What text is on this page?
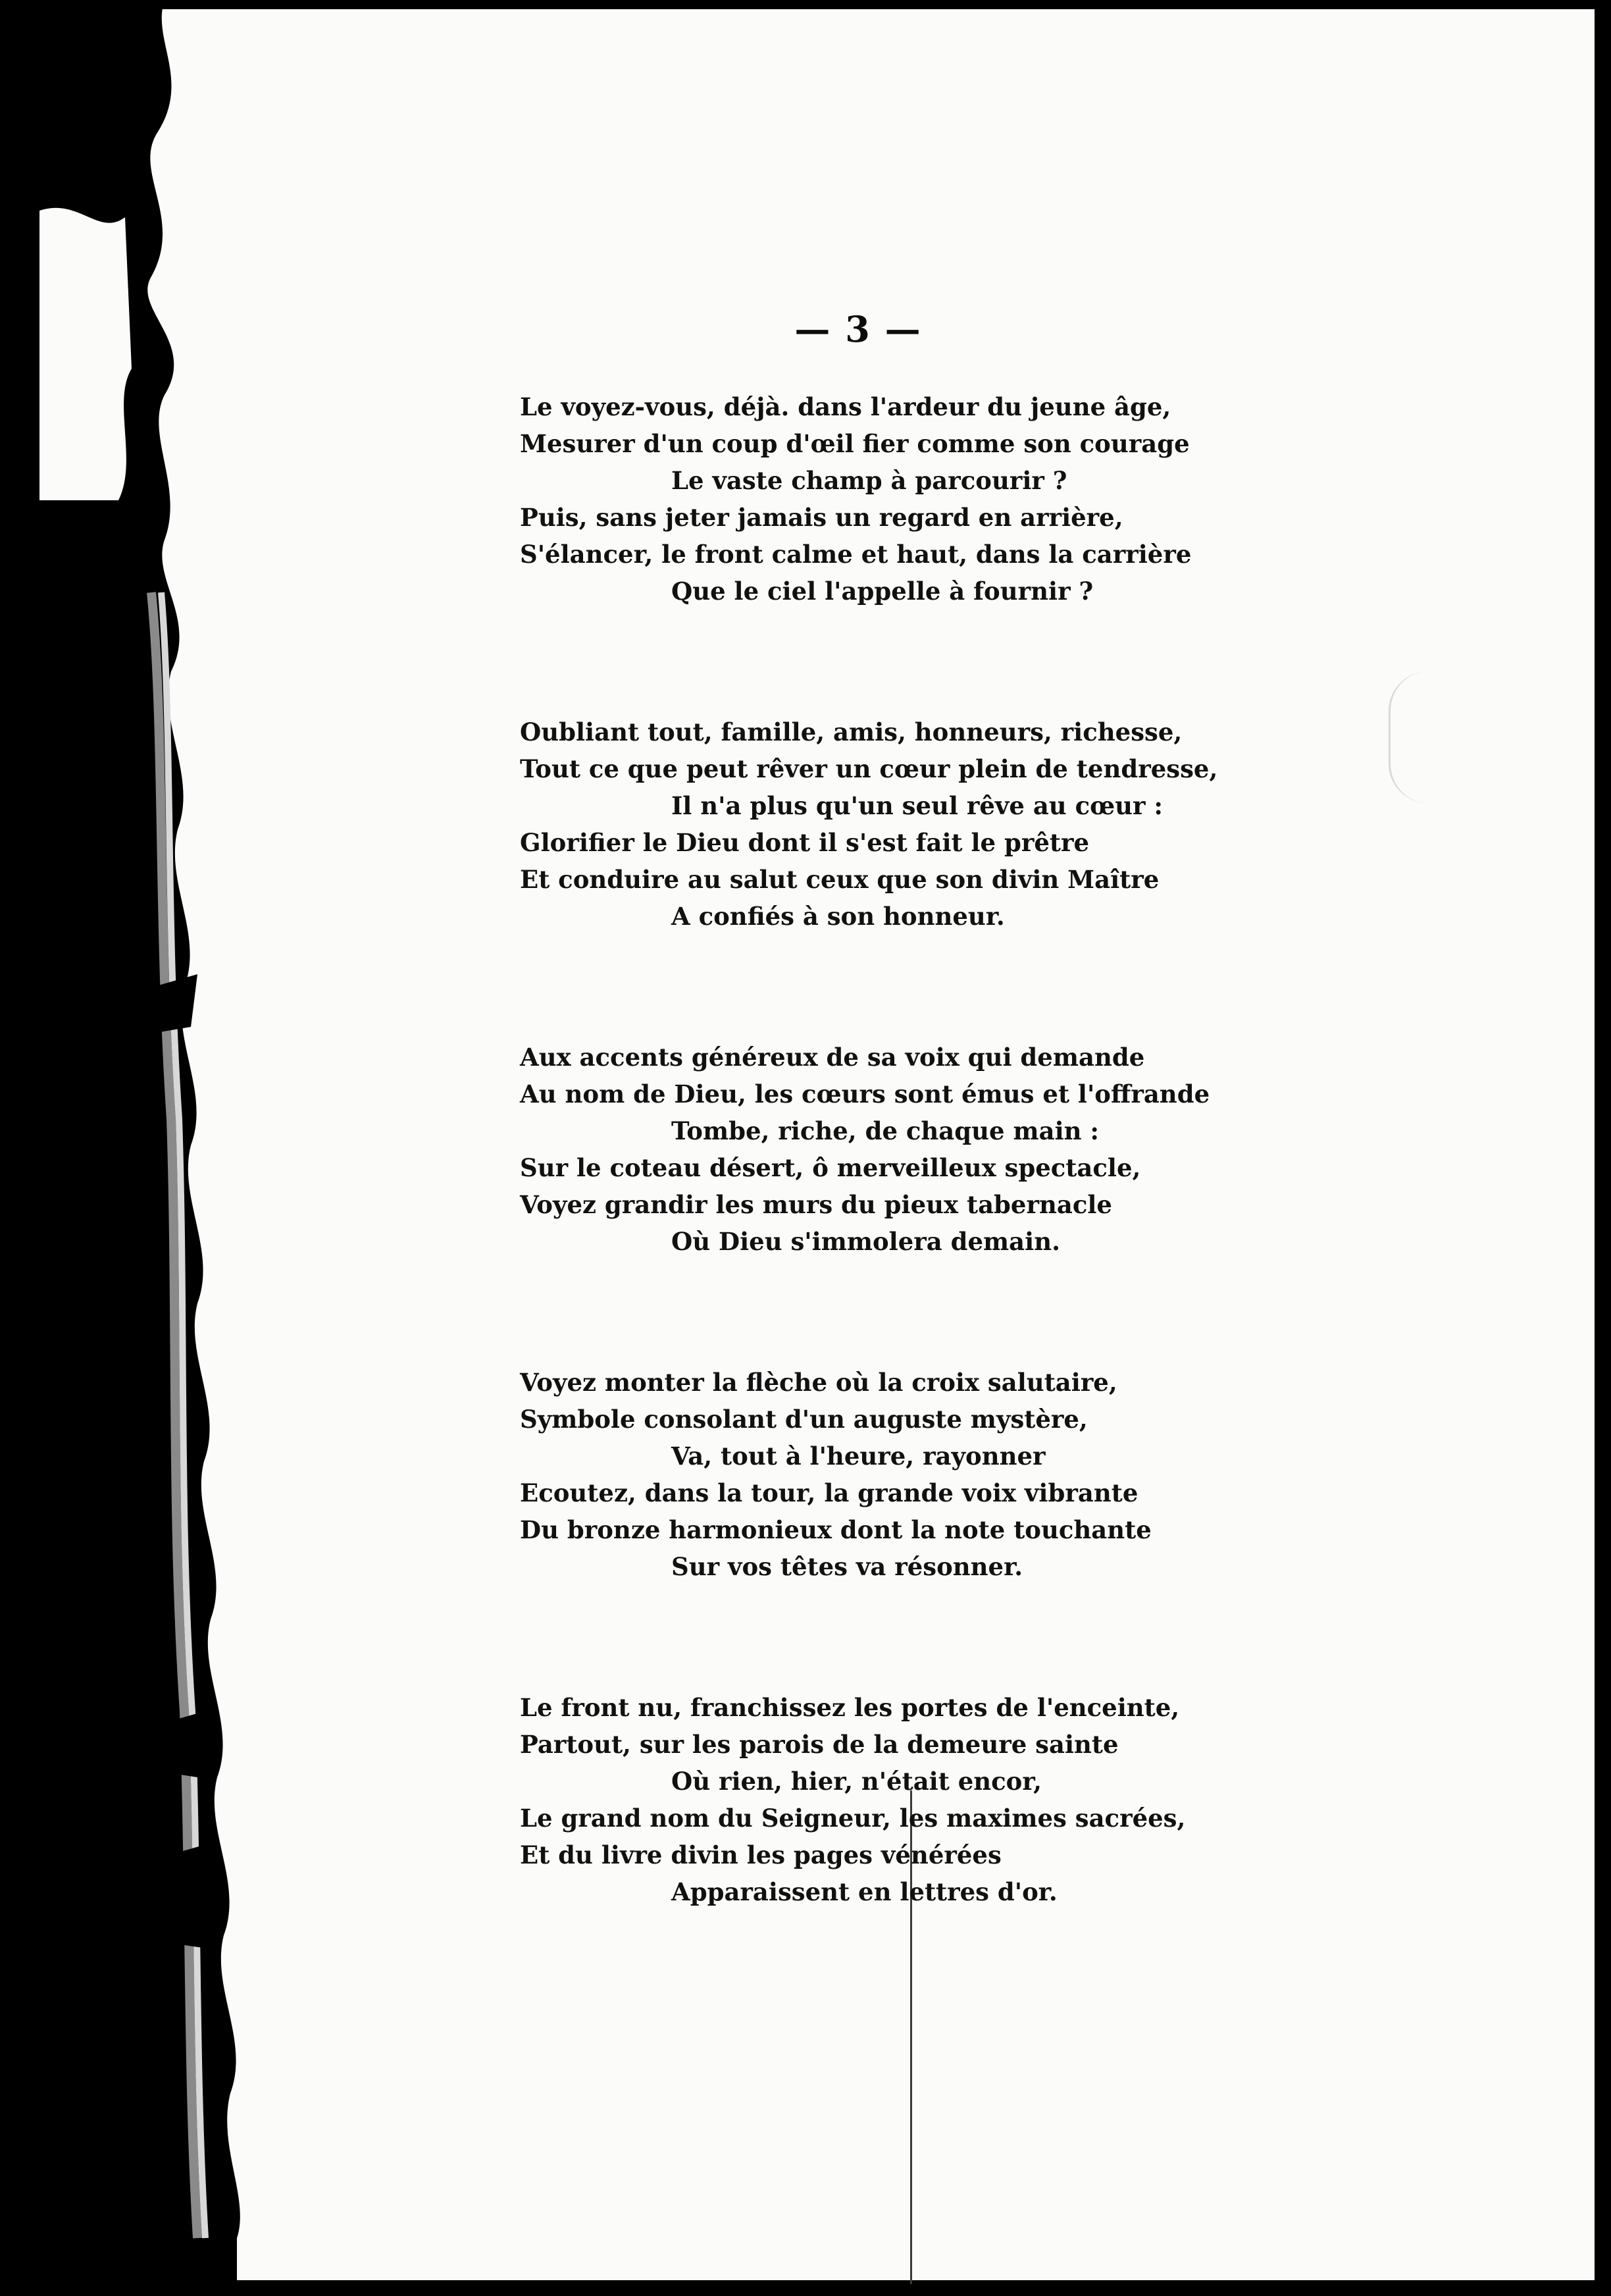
— 3 —
Le voyez-vous, déjà. dans l'ardeur du jeune âge,
Mesurer d'un coup d'œil fier comme son courage
Le vaste champ à parcourir ?
Puis, sans jeter jamais un regard en arrière,
S'élancer, le front calme et haut, dans la carrière
Que le ciel l'appelle à fournir ?
Oubliant tout, famille, amis, honneurs, richesse,
Tout ce que peut rêver un cœur plein de tendresse,
Il n'a plus qu'un seul rêve au cœur :
Glorifier le Dieu dont il s'est fait le prêtre
Et conduire au salut ceux que son divin Maître
A confiés à son honneur.
Aux accents généreux de sa voix qui demande
Au nom de Dieu, les cœurs sont émus et l'offrande
Tombe, riche, de chaque main :
Sur le coteau désert, ô merveilleux spectacle,
Voyez grandir les murs du pieux tabernacle
Où Dieu s'immolera demain.
Voyez monter la flèche où la croix salutaire,
Symbole consolant d'un auguste mystère,
Va, tout à l'heure, rayonner
Ecoutez, dans la tour, la grande voix vibrante
Du bronze harmonieux dont la note touchante
Sur vos têtes va résonner.
Le front nu, franchissez les portes de l'enceinte,
Partout, sur les parois de la demeure sainte
Où rien, hier, n'était encor,
Le grand nom du Seigneur, les maximes sacrées,
Et du livre divin les pages vénérées
Apparaissent en lettres d'or.
